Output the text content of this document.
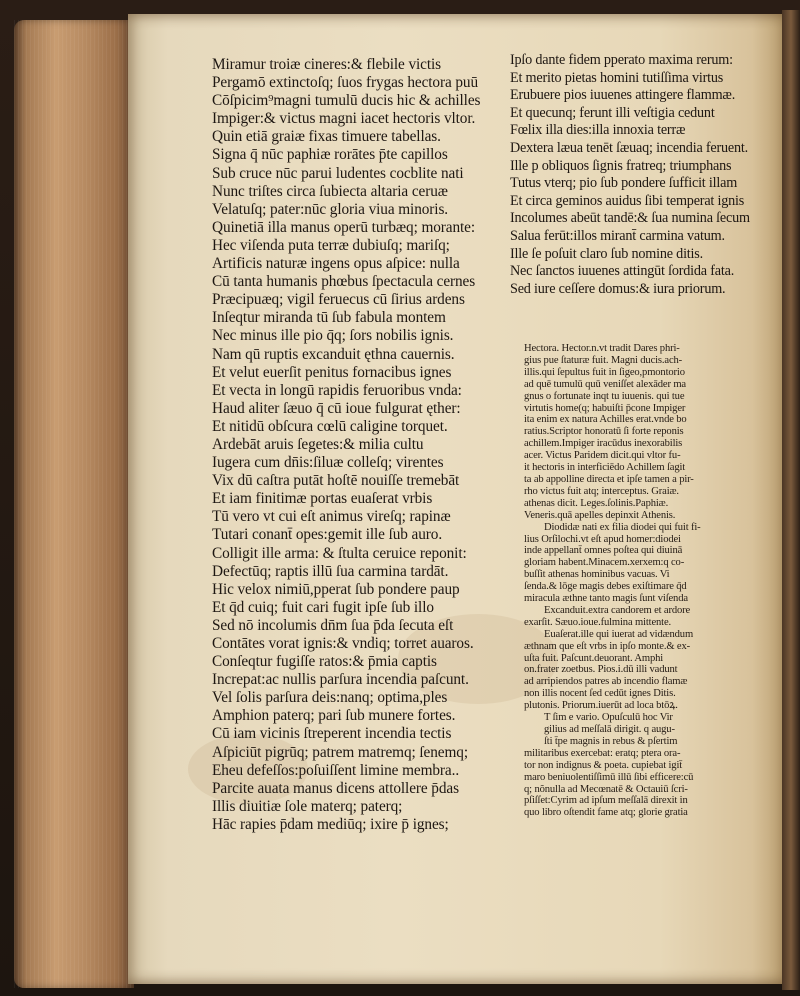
Miramur troiæ cineres:& flebile victis
Pergamō extinctoſq; ſuos frygas hectora puū
Cōſpicim⁹magni tumulū ducis hic & achilles
Impiger:& victus magni iacet hectoris vltor.
Quin etiā graiæ fixas timuere tabellas.
Signa q̄ nūc paphiæ rorātes p̄te capillos
Sub cruce nūc parui ludentes cocblite nati
Nunc triſtes circa ſubiecta altaria ceruæ
Velatuſq; pater:nūc gloria viua minoris.
Quinetiā illa manus operū turbæq; morante:
Hec viſenda puta terræ dubiuſq; mariſq;
Artificis naturæ ingens opus aſpice: nulla
Cū tanta humanis phœbus ſpectacula cernes
Præcipuæq; vigil feruecus cū ſirius ardens
Inſeqtur miranda tū ſub fabula montem
Nec minus ille pio q̄q; ſors nobilis ignis.
Nam qū ruptis excanduit ęthna cauernis.
Et velut euerſit penitus fornacibus ignes
Et vecta in longū rapidis feruoribus vnda:
Haud aliter ſæuo q̄ cū ioue fulgurat ęther:
Et nitidū obſcura cœlū caligine torquet.
Ardebāt aruis ſegetes:& milia cultu
Iugera cum dn̄is:ſiluæ colleſq; virentes
Vix dū caſtra putāt hoſtē nouiſſe tremebāt
Et iam finitimæ portas euaſerat vrbis
Tū vero vt cui eſt animus vireſq; rapinæ
Tutari conant̄ opes:gemit ille ſub auro.
Colligit ille arma: & ſtulta ceruice reponit:
Defectūq; raptis illū ſua carmina tardāt.
Hic velox nimiū,pperat ſub pondere paup
Et q̄d cuiq; fuit cari fugit ipſe ſub illo
Sed nō incolumis dn̄m ſua p̄da ſecuta eſt
Contātes vorat ignis:& vndiq; torret auaros.
Conſeqtur fugiſſe ratos:& p̄mia captis
Increpat:ac nullis parſura incendia paſcunt.
Vel ſolis parſura deis:nanq; optima,ples
Amphion paterq; pari ſub munere fortes.
Cū iam vicinis ſtreperent incendia tectis
Aſpiciūt pigrūq; patrem matremq; ſenemq;
Eheu defeſſos:poſuiſſent limine membra..
Parcite auata manus dicens attollere p̄das
Illis diuitiæ ſole materq; paterq;
Hāc rapies p̄dam mediūq; ixire p̄ ignes;
Ipſo dante fidem pperato maxima rerum:
Et merito pietas homini tutiſſima virtus
Erubuere pios iuuenes attingere flammæ.
Et quecunq; ferunt illi veſtigia cedunt
Fœlix illa dies:illa innoxia terræ
Dextera læua tenēt ſæuaq; incendia feruent.
Ille p obliquos ſignis fratreq; triumphans
Tutus vterq; pio ſub pondere ſufficit illam
Et circa geminos auidus ſibi temperat ignis
Incolumes abeūt tandē:& ſua numina ſecum
Salua ferūt:illos mirant̄ carmina vatum.
Ille ſe poſuit claro ſub nomine ditis.
Nec ſanctos iuuenes attingūt ſordida fata.
Sed iure ceſſere domus:& iura priorum.
Hectora. Hector.n.vt tradit Dares phri-
gius pue ſtaturæ fuit. Magni ducis.ach-
illis.qui ſepultus fuit in ſigeo,pmontorio
ad quē tumulū quū veniſſet alexāder ma
gnus o fortunate inqt tu iuuenis. qui tue
virtutis home(q; habuiſti p̄cone Impiger
ita enim ex natura Achilles erat.vnde bo
ratius.Scriptor honoratū ſi forte reponis
achillem.Impiger iracūdus inexorabilis
acer. Victus Paridem dicit.qui vltor fu-
it hectoris in interficiēdo Achillem ſagit
ta ab appolline directa et ipſe tamen a pir-
rho victus fuit atq; interceptus. Graiæ.
athenas dicit. Leges.ſolinis.Paphiæ.
Veneris.quā apelles depinxit Athenis.
Diodidæ nati ex filia diodei qui fuit fi-
lius Orſilochi.vt eſt apud homer:diodei
inde appellant̄ omnes poſtea qui diuinā
gloriam habent.Minacem.xerxem:q co-
buſſit athenas hominibus vacuas. Vi
ſenda.& lōge magis debes exiſtimare q̄d
miracula æthne tanto magis ſunt viſenda
Excanduit.extra candorem et ardore
exarſit. Sæuo.ioue.fulmina mittente.
Euaſerat.ille qui iuerat ad vidændum
æthnam que eſt vrbs in ipſo monte.& ex-
uſta fuit. Paſcunt.deuorant. Amphi
on.frater zoetbus. Pios.i.dū illi vadunt
ad arripiendos patres ab incendio flamæ
non illis nocent ſed cedūt ignes Ditis.
plutonis. Priorum.iuerūt ad loca btōꝝ.
T ſim e vario. Opuſculū hoc Vir
gilius ad meſſalā dirigit. q augu-
ſti t̄pe magnis in rebus & pſertim
militaribus exercebat: eratq; ptera ora-
tor non indignus & poeta. cupiebat igit̄
maro beniuolentiſſimū illū ſibi efficere:cū
q; nõnulla ad Mecœnatē & Octauiū ſcri-
pſiſſet:Cyrim ad ipſum meſſalā direxit in
quo libro oſtendit fame atq; glorie gratia
